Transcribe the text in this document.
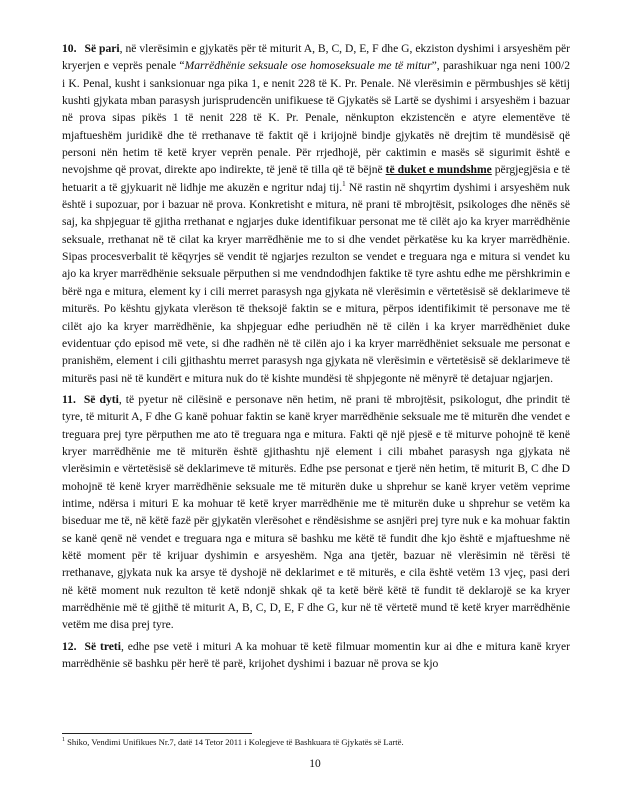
10. Së pari, në vlerësimin e gjykatës për të miturit A, B, C, D, E, F dhe G, ekziston dyshimi i arsyeshëm për kryerjen e veprës penale “Marrëdhënie seksuale ose homoseksuale me të mitur”, parashikuar nga neni 100/2 i K. Penal, kusht i sanksionuar nga pika 1, e nenit 228 të K. Pr. Penale. Në vlerësimin e përmbushjes së këtij kushti gjykata mban parasysh jurisprudencën unifikuese të Gjykatës së Lartë se dyshimi i arsyeshëm i bazuar në prova sipas pikës 1 të nenit 228 të K. Pr. Penale, nënkupton ekzistencën e atyre elementëve të mjaftueshëm juridikë dhe të rrethanave të faktit që i krijojnë bindje gjykatës në drejtim të mundësisë që personi nën hetim të ketë kryer veprën penale. Për rrjedhojë, për caktimin e masës së sigurimit është e nevojshme që provat, direkte apo indirekte, të jenë të tilla që të bëjnë të duket e mundshme përgjegjësia e të hetuarit a të gjykuarit në lidhje me akuzën e ngritur ndaj tij.$^1$ Në rastin në shqyrtim dyshimi i arsyeshëm nuk është i supozuar, por i bazuar në prova. Konkretisht e mitura, në prani të mbrojtësit, psikologes dhe nënës së saj, ka shpjeguar të gjitha rrethanat e ngjarjes duke identifikuar personat me të cilët ajo ka kryer marrëdhënie seksuale, rrethanat në të cilat ka kryer marrëdhënie me to si dhe vendet përkatëse ku ka kryer marrëdhënie. Sipas procesverbalit të këqyrjes së vendit të ngjarjes rezulton se vendet e treguara nga e mitura si vendet ku ajo ka kryer marrëdhënie seksuale përputhen si me vendndodhjen faktike të tyre ashtu edhe me përshkrimin e bërë nga e mitura, element ky i cili merret parasysh nga gjykata në vlerësimin e vërtetësisë së deklarimeve të miturës. Po kështu gjykata vlerëson të theksojë faktin se e mitura, përpos identifikimit të personave me të cilët ajo ka kryer marrëdhënie, ka shpjeguar edhe periudhën në të cilën i ka kryer marrëdhëniet duke evidentuar çdo episod më vete, si dhe radhën në të cilën ajo i ka kryer marrëdhëniet seksuale me personat e pranishëm, element i cili gjithashtu merret parasysh nga gjykata në vlerësimin e vërtetësisë së deklarimeve të miturës pasi në të kundërt e mitura nuk do të kishte mundësi të shpjegonte në mënyrë të detajuar ngjarjen.

11. Së dyti, të pyetur në cilësinë e personave nën hetim, në prani të mbrojtësit, psikologut, dhe prindit të tyre, të miturit A, F dhe G kanë pohuar faktin se kanë kryer marrëdhënie seksuale me të miturën dhe vendet e treguara prej tyre përputhen me ato të treguara nga e mitura. Fakti që një pjesë e të miturve pohojnë të kenë kryer marrëdhënie me të miturën është gjithashtu një element i cili mbahet parasysh nga gjykata në vlerësimin e vërtetësisë së deklarimeve të miturës. Edhe pse personat e tjerë nën hetim, të miturit B, C dhe D mohojnë të kenë kryer marrëdhënie seksuale me të miturën duke u shprehur se kanë kryer vetëm veprime intime, ndërsa i mituri E ka mohuar të ketë kryer marrëdhënie me të miturën duke u shprehur se vetëm ka biseduar me të, në këtë fazë për gjykatën vlerësohet e rëndësishme se asnjëri prej tyre nuk e ka mohuar faktin se kanë qenë në vendet e treguara nga e mitura së bashku me këtë të fundit dhe kjo është e mjaftueshme në këtë moment për të krijuar dyshimin e arsyeshëm. Nga ana tjetër, bazuar në vlerësimin në tërësi të rrethanave, gjykata nuk ka arsye të dyshojë në deklarimet e të miturës, e cila është vetëm 13 vjeç, pasi deri në këtë moment nuk rezulton të ketë ndonjë shkak që ta ketë bërë këtë të fundit të deklarojë se ka kryer marrëdhënie më të gjithë të miturit A, B, C, D, E, F dhe G, kur në të vërtetë mund të ketë kryer marrëdhënie vetëm me disa prej tyre.

12. Së treti, edhe pse vetë i mituri A ka mohuar të ketë filmuar momentin kur ai dhe e mitura kanë kryer marrëdhënie së bashku për herë të parë, krijohet dyshimi i bazuar në prova se kjo

$^1$ Shiko, Vendimi Unifikues Nr.7, datë 14 Tetor 2011 i Kolegjeve të Bashkuara të Gjykatës së Lartë.
10
